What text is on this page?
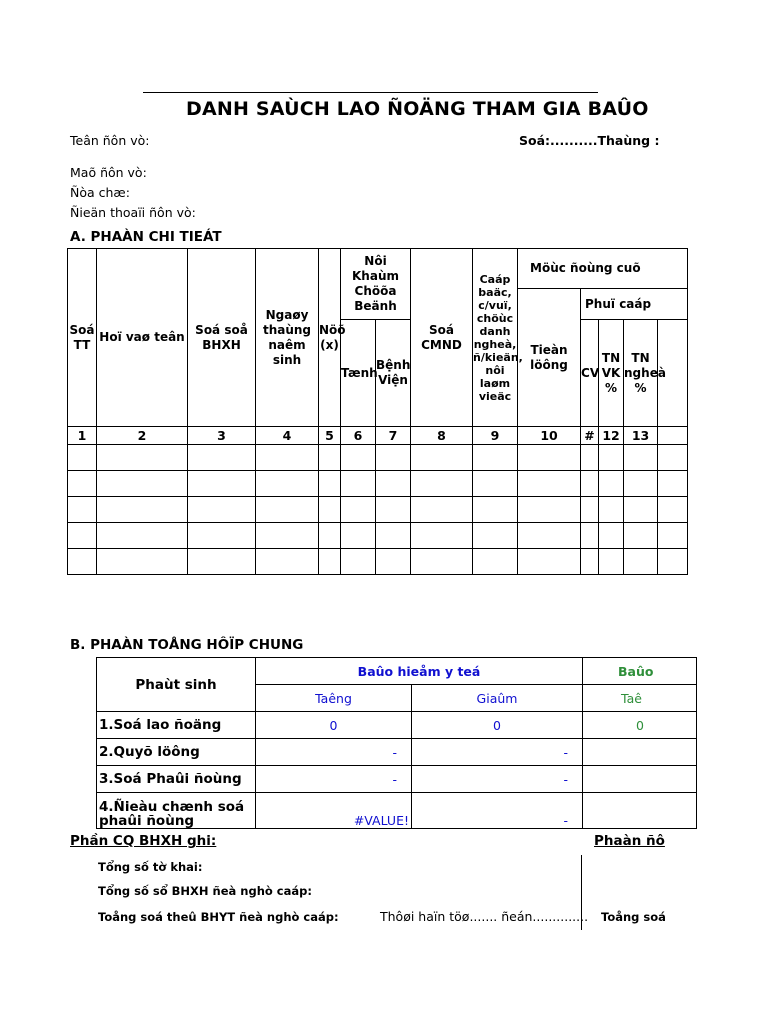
DANH SAÙCH LAO ÑOÄNG THAM GIA BAÛO
Teân ñôn vò:	Soá:..........Thaùng :
Maõ ñôn vò:
Ñòa chæ:
Ñieän thoaïi ñôn vò:
A. PHAÀN CHI TIEÁT
Soá TT	Hoï vaø teân	Soá soå BHXH	Ngaøy thaùng naêm sinh	Nöõ (x)	Nôi Khaùm Chöõa Beänh		Soá CMND	Caáp baäc, c/vuï, chöùc danh ngheà, ñ/kieän, nôi laøm vieäc	Möùc ñoùng cuõ				
									Tieàn löông	Phuï caáp			
					Tænh	Bệnh Viện				CV	TN VK %	TN ngheà %	
1	2	3	4	5	6	7	8	9	10	#	12	13	

B. PHAÀN TOÅNG HÔÏP CHUNG
Phaùt sinh	Baûo hieåm y teá		Baûo
	Taêng	Giaûm	Taê
1.Soá lao ñoäng	0	0	0
2.Quyõ löông	-	-	
3.Soá Phaûi ñoùng	-	-	
4.Ñieàu chænh soá phaûi ñoùng	#VALUE!	-	
Phần CQ BHXH ghi:	Phaàn ñô
Tổng số tờ khai:
Tổng số sổ BHXH ñeà nghò caáp:
Toång soá theû BHYT ñeà nghò caáp:	Thôøi haïn töø....... ñeán.............. Toång soá
